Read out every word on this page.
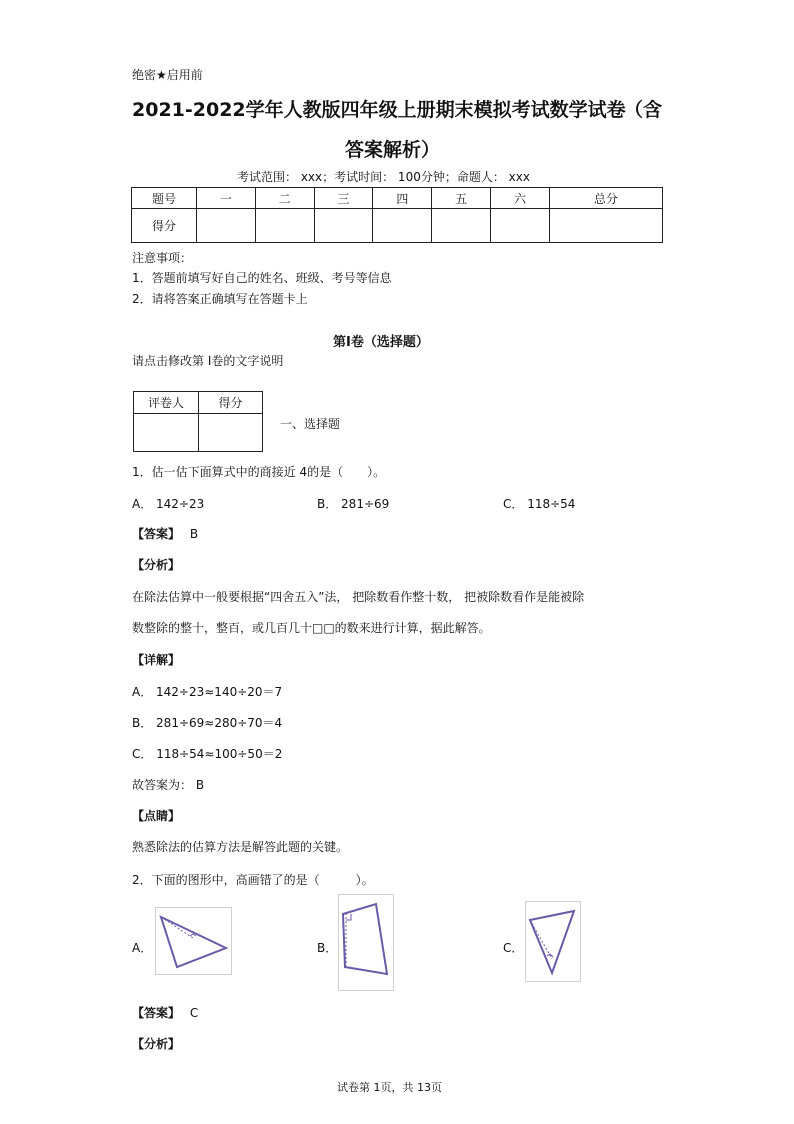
绝密★启用前
2021-2022学年人教版四年级上册期末模拟考试数学试卷
（含
答案解析）
考试范围： xxx；考试时间： 100分钟；命题人： xxx
题号	一	二	三	四	五	六	总分
得分							
注意事项：
1．答题前填写好自己的姓名、班级、考号等信息
2．请将答案正确填写在答题卡上
第Ⅰ卷（选择题）
请点击修改第 Ⅰ卷的文字说明
评卷人	得分

一、选择题
1．估一估下面算式中的商接近 4的是（　　）。
A． 142÷23	B． 281÷69	C． 118÷54
【答案】 B
【分析】
在除法估算中一般要根据“四舍五入”法， 把除数看作整十数， 把被除数看作是能被除
数整除的整十，整百，或几百几十□□的数来进行计算，据此解答。
【详解】
A． 142÷23≈140÷20＝7
B． 281÷69≈280÷70＝4
C． 118÷54≈100÷50＝2
故答案为： B
【点睛】
熟悉除法的估算方法是解答此题的关键。
2．下面的图形中，高画错了的是（　　　）。
A．	B．	C．
【答案】 C
【分析】
试卷第 1页，共 13页
